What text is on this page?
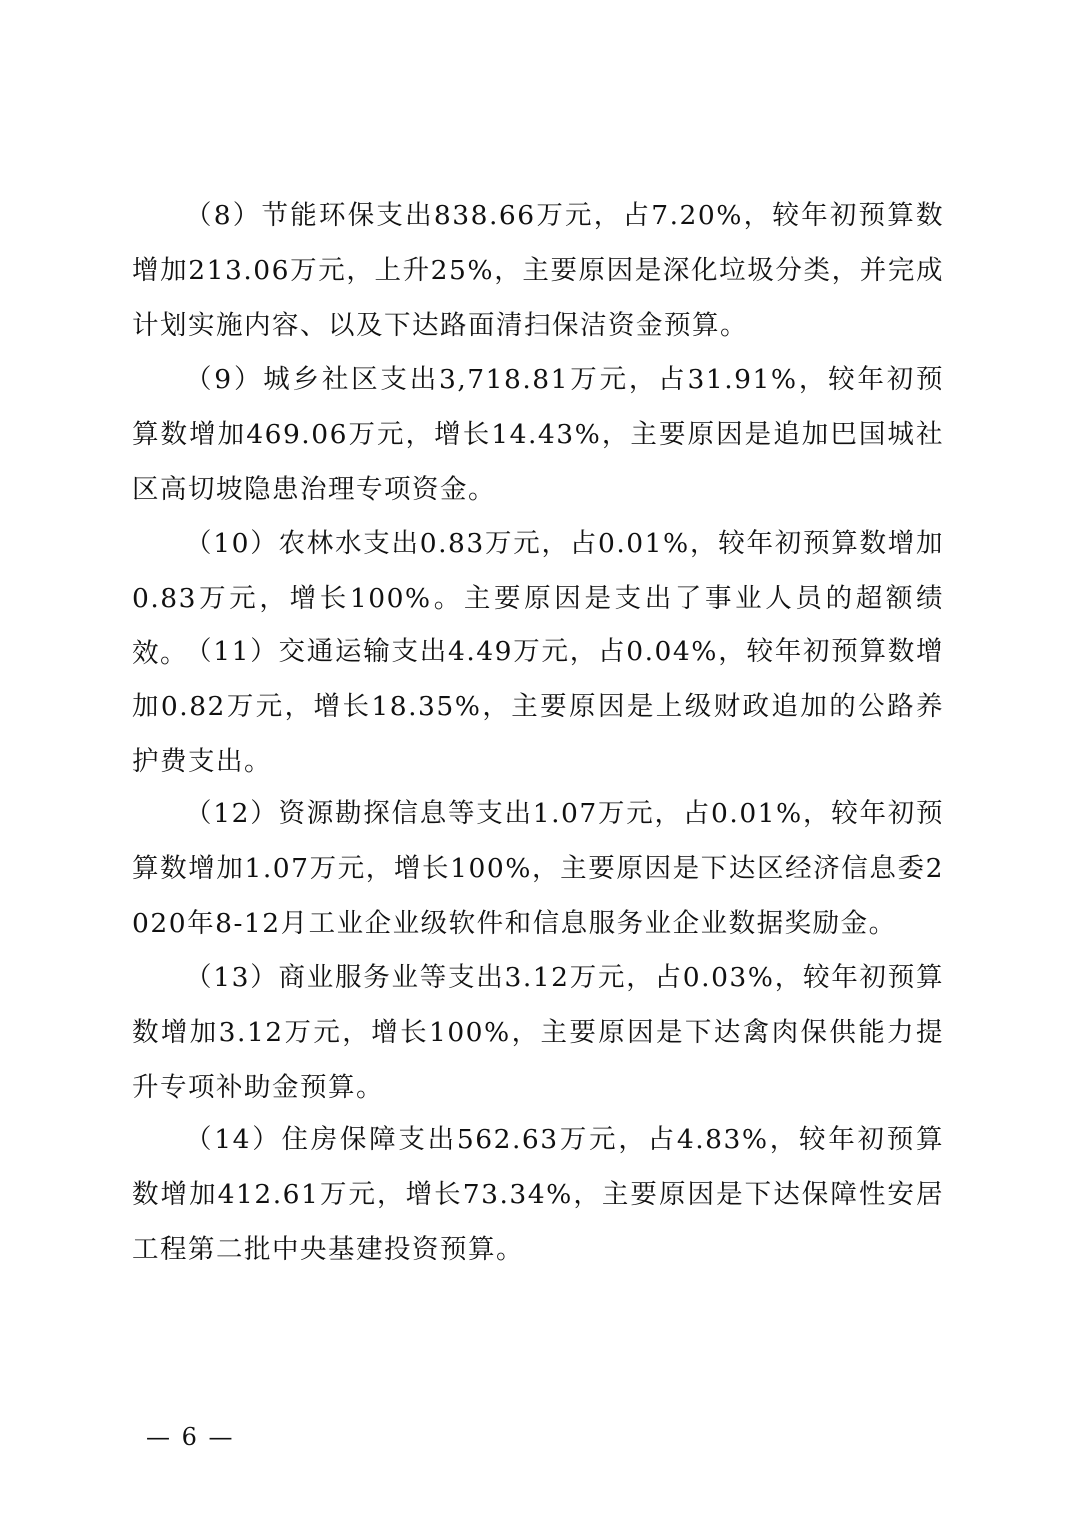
（8）节能环保支出838.66万元，占7.20%，较年初预算数增加213.06万元，上升25%，主要原因是深化垃圾分类，并完成计划实施内容、以及下达路面清扫保洁资金预算。

（9）城乡社区支出3,718.81万元，占31.91%，较年初预算数增加469.06万元，增长14.43%，主要原因是追加巴国城社区高切坡隐患治理专项资金。

（10）农林水支出0.83万元，占0.01%，较年初预算数增加0.83万元，增长100%。主要原因是支出了事业人员的超额绩效。

（11）交通运输支出4.49万元，占0.04%，较年初预算数增加0.82万元，增长18.35%，主要原因是上级财政追加的公路养护费支出。

（12）资源勘探信息等支出1.07万元，占0.01%，较年初预算数增加1.07万元，增长100%，主要原因是下达区经济信息委2020年8-12月工业企业级软件和信息服务业企业数据奖励金。

（13）商业服务业等支出3.12万元，占0.03%，较年初预算数增加3.12万元，增长100%，主要原因是下达禽肉保供能力提升专项补助金预算。

（14）住房保障支出562.63万元，占4.83%，较年初预算数增加412.61万元，增长73.34%，主要原因是下达保障性安居工程第二批中央基建投资预算。

— 6 —
